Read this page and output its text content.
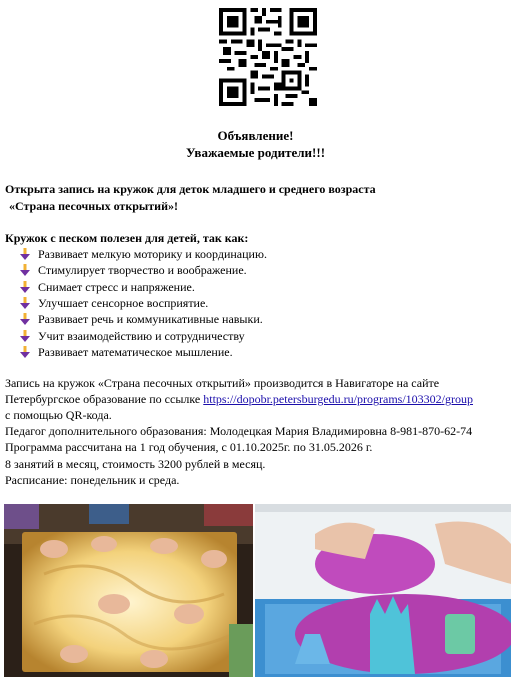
Объявление!

Уважаемые родители!!!

Открыта запись на кружок для деток младшего и среднего возраста

«Страна песочных открытий»!

Кружок с песком полезен для детей, так как:

Развивает мелкую моторику и координацию.
Стимулирует творчество и воображение.
Снимает стресс и напряжение.
Улучшает сенсорное восприятие.
Развивает речь и коммуникативные навыки.
Учит взаимодействию и сотрудничеству
Развивает математическое мышление.

Запись на кружок «Страна песочных открытий» производится в Навигаторе на сайте

Петербургское образование по ссылке https://dopobr.petersburgedu.ru/programs/103302/group

с помощью QR-кода.

Педагог дополнительного образования: Молодецкая Мария Владимировна 8-981-870-62-74

Программа рассчитана на 1 год обучения, с 01.10.2025г. по 31.05.2026 г.

8 занятий в месяц, стоимость 3200 рублей в месяц.

Расписание: понедельник и среда.
